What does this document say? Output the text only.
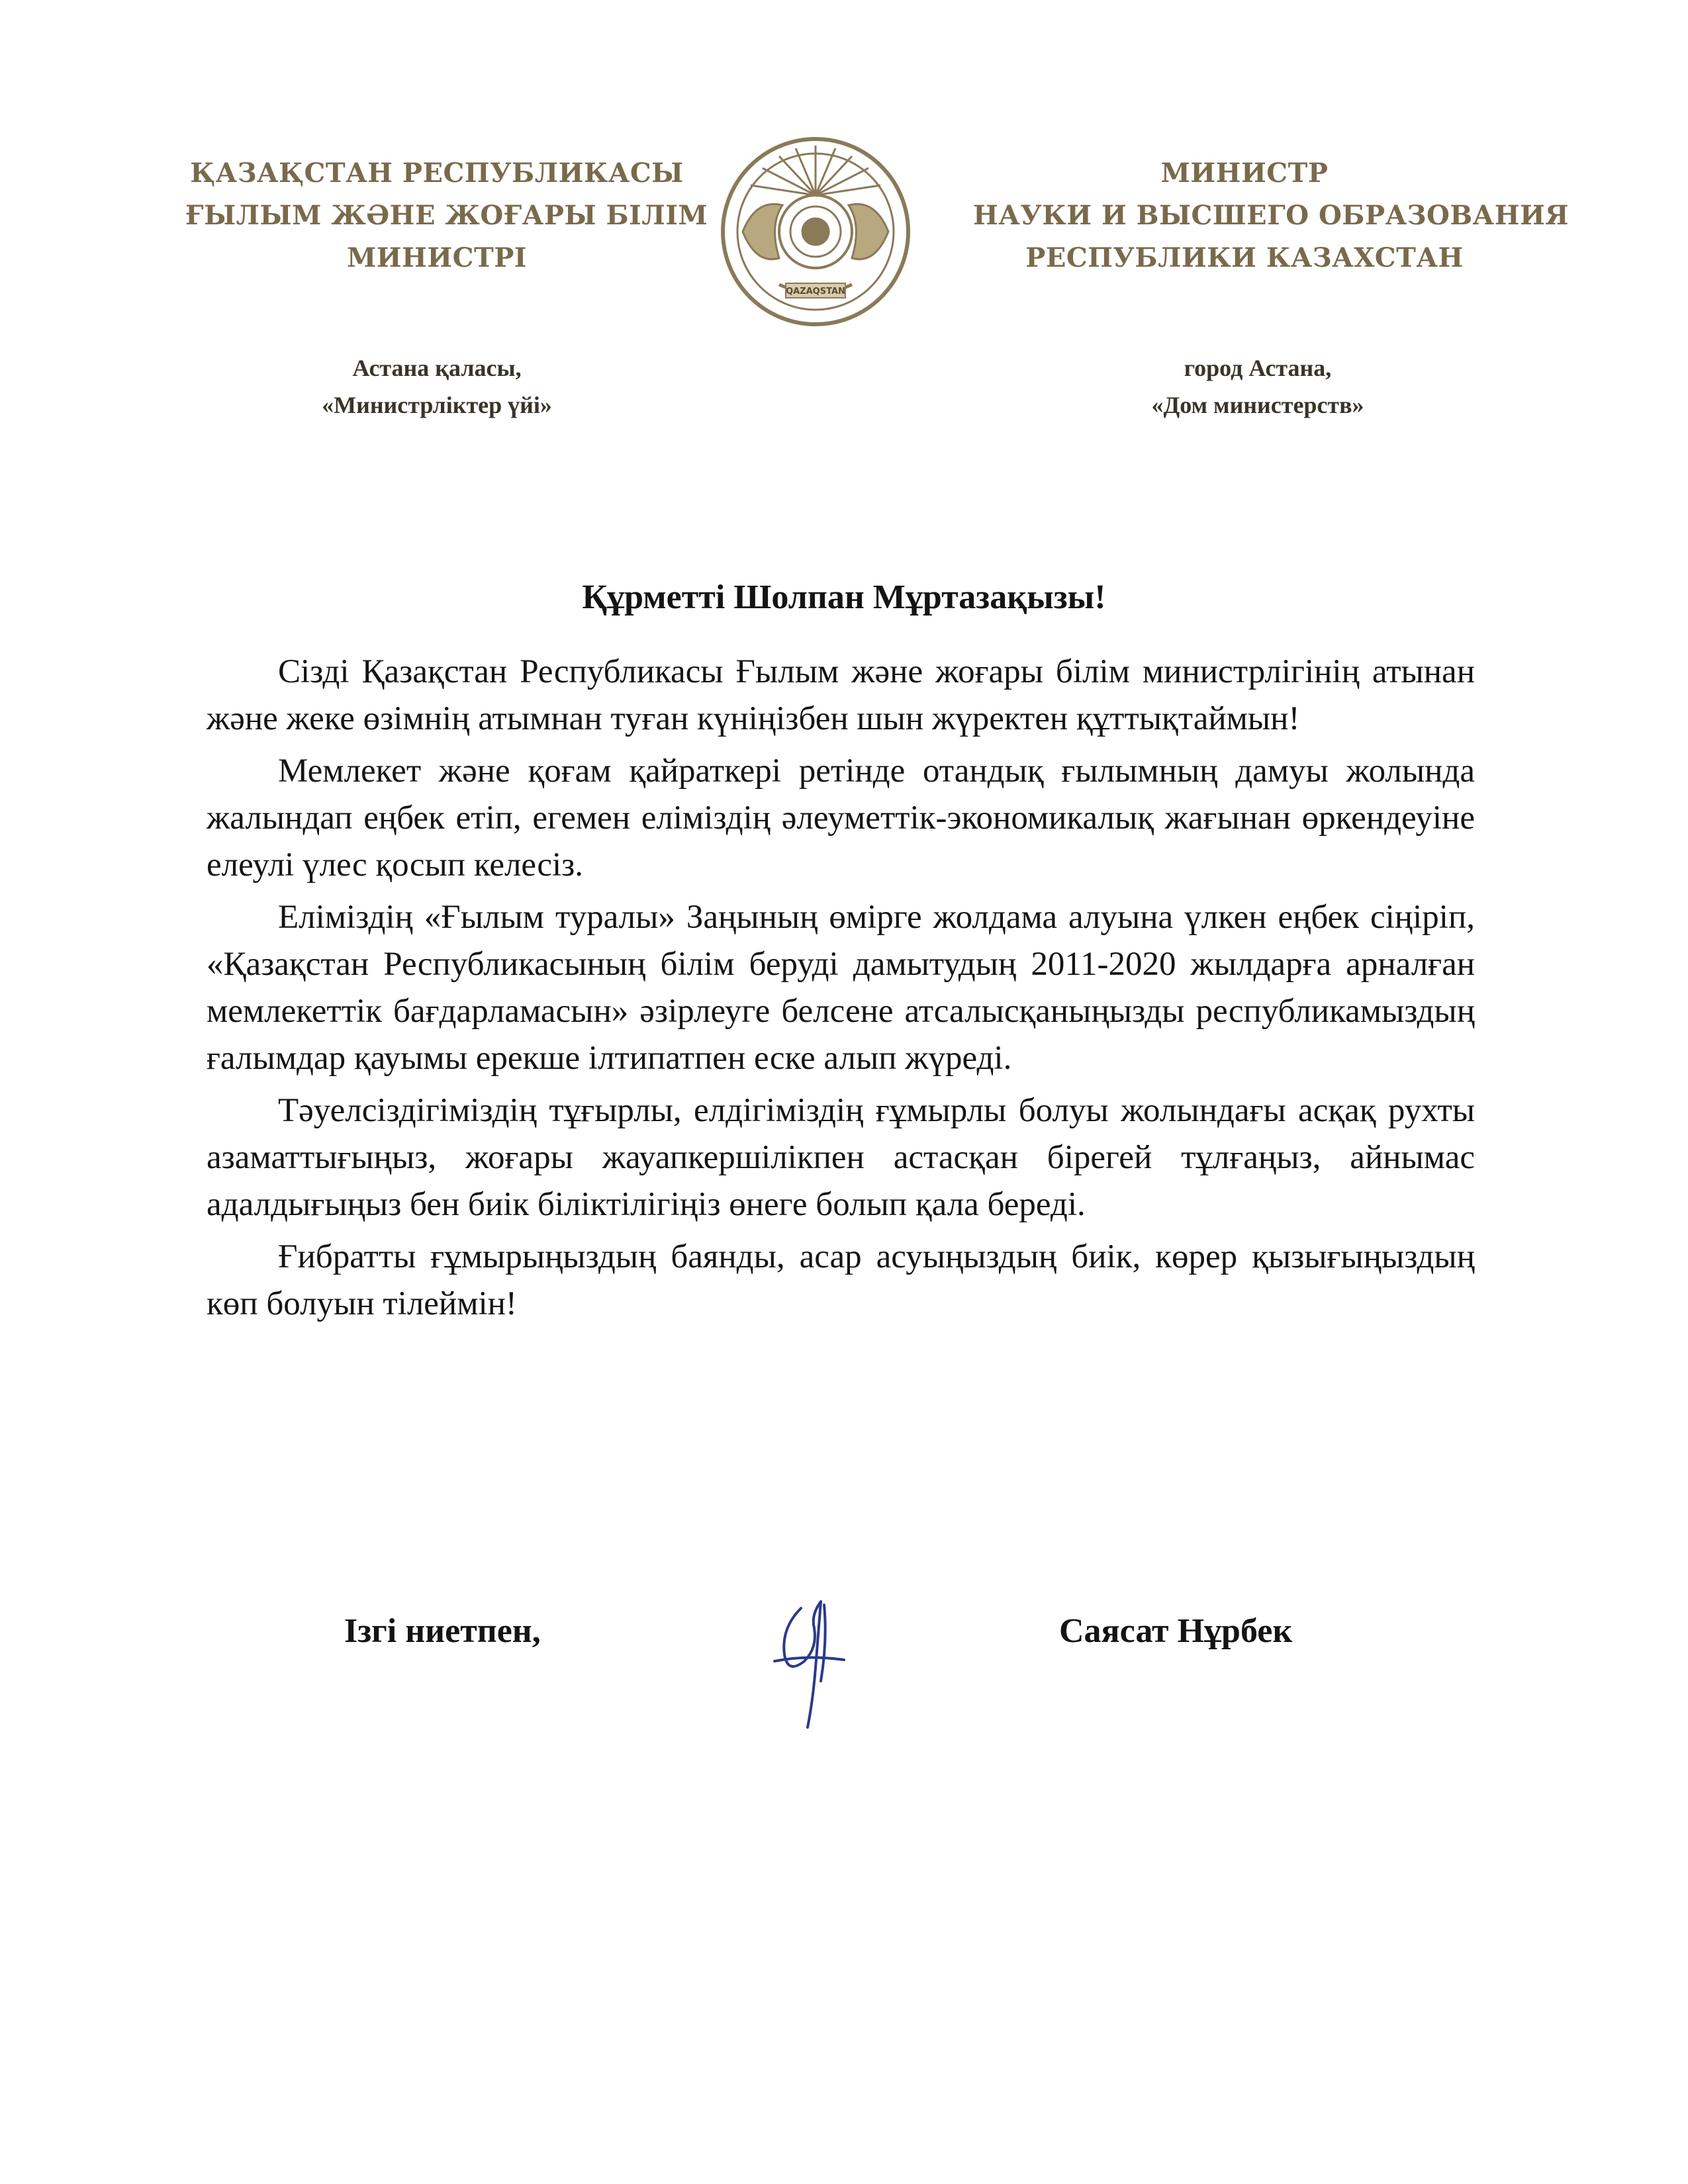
ҚАЗАҚСТАН РЕСПУБЛИКАСЫ
ҒЫЛЫМ ЖӘНЕ ЖОҒАРЫ БІЛІМ
МИНИСТРІ
QAZAQSTAN
МИНИСТР
НАУКИ И ВЫСШЕГО ОБРАЗОВАНИЯ
РЕСПУБЛИКИ КАЗАХСТАН
Астана қаласы,
«Министрліктер үйі»
город Астана,
«Дом министерств»
Құрметті Шолпан Мұртазақызы!

Сізді Қазақстан Республикасы Ғылым және жоғары білім министрлігінің атынан және жеке өзімнің атымнан туған күніңізбен шын жүректен құттықтаймын!

Мемлекет және қоғам қайраткері ретінде отандық ғылымның дамуы жолында жалындап еңбек етіп, егемен еліміздің әлеуметтік-экономикалық жағынан өркендеуіне елеулі үлес қосып келесіз.

Еліміздің «Ғылым туралы» Заңының өмірге жолдама алуына үлкен еңбек сіңіріп, «Қазақстан Республикасының білім беруді дамытудың 2011-2020 жылдарға арналған мемлекеттік бағдарламасын» әзірлеуге белсене атсалысқаныңызды республикамыздың ғалымдар қауымы ерекше ілтипатпен еске алып жүреді.

Тәуелсіздігіміздің тұғырлы, елдігіміздің ғұмырлы болуы жолындағы асқақ рухты азаматтығыңыз, жоғары жауапкершілікпен астасқан бірегей тұлғаңыз, айнымас адалдығыңыз бен биік біліктілігіңіз өнеге болып қала береді.

Ғибратты ғұмырыңыздың баянды, асар асуыңыздың биік, көрер қызығыңыздың көп болуын тілеймін!

Ізгі ниетпен,	Саясат Нұрбек
